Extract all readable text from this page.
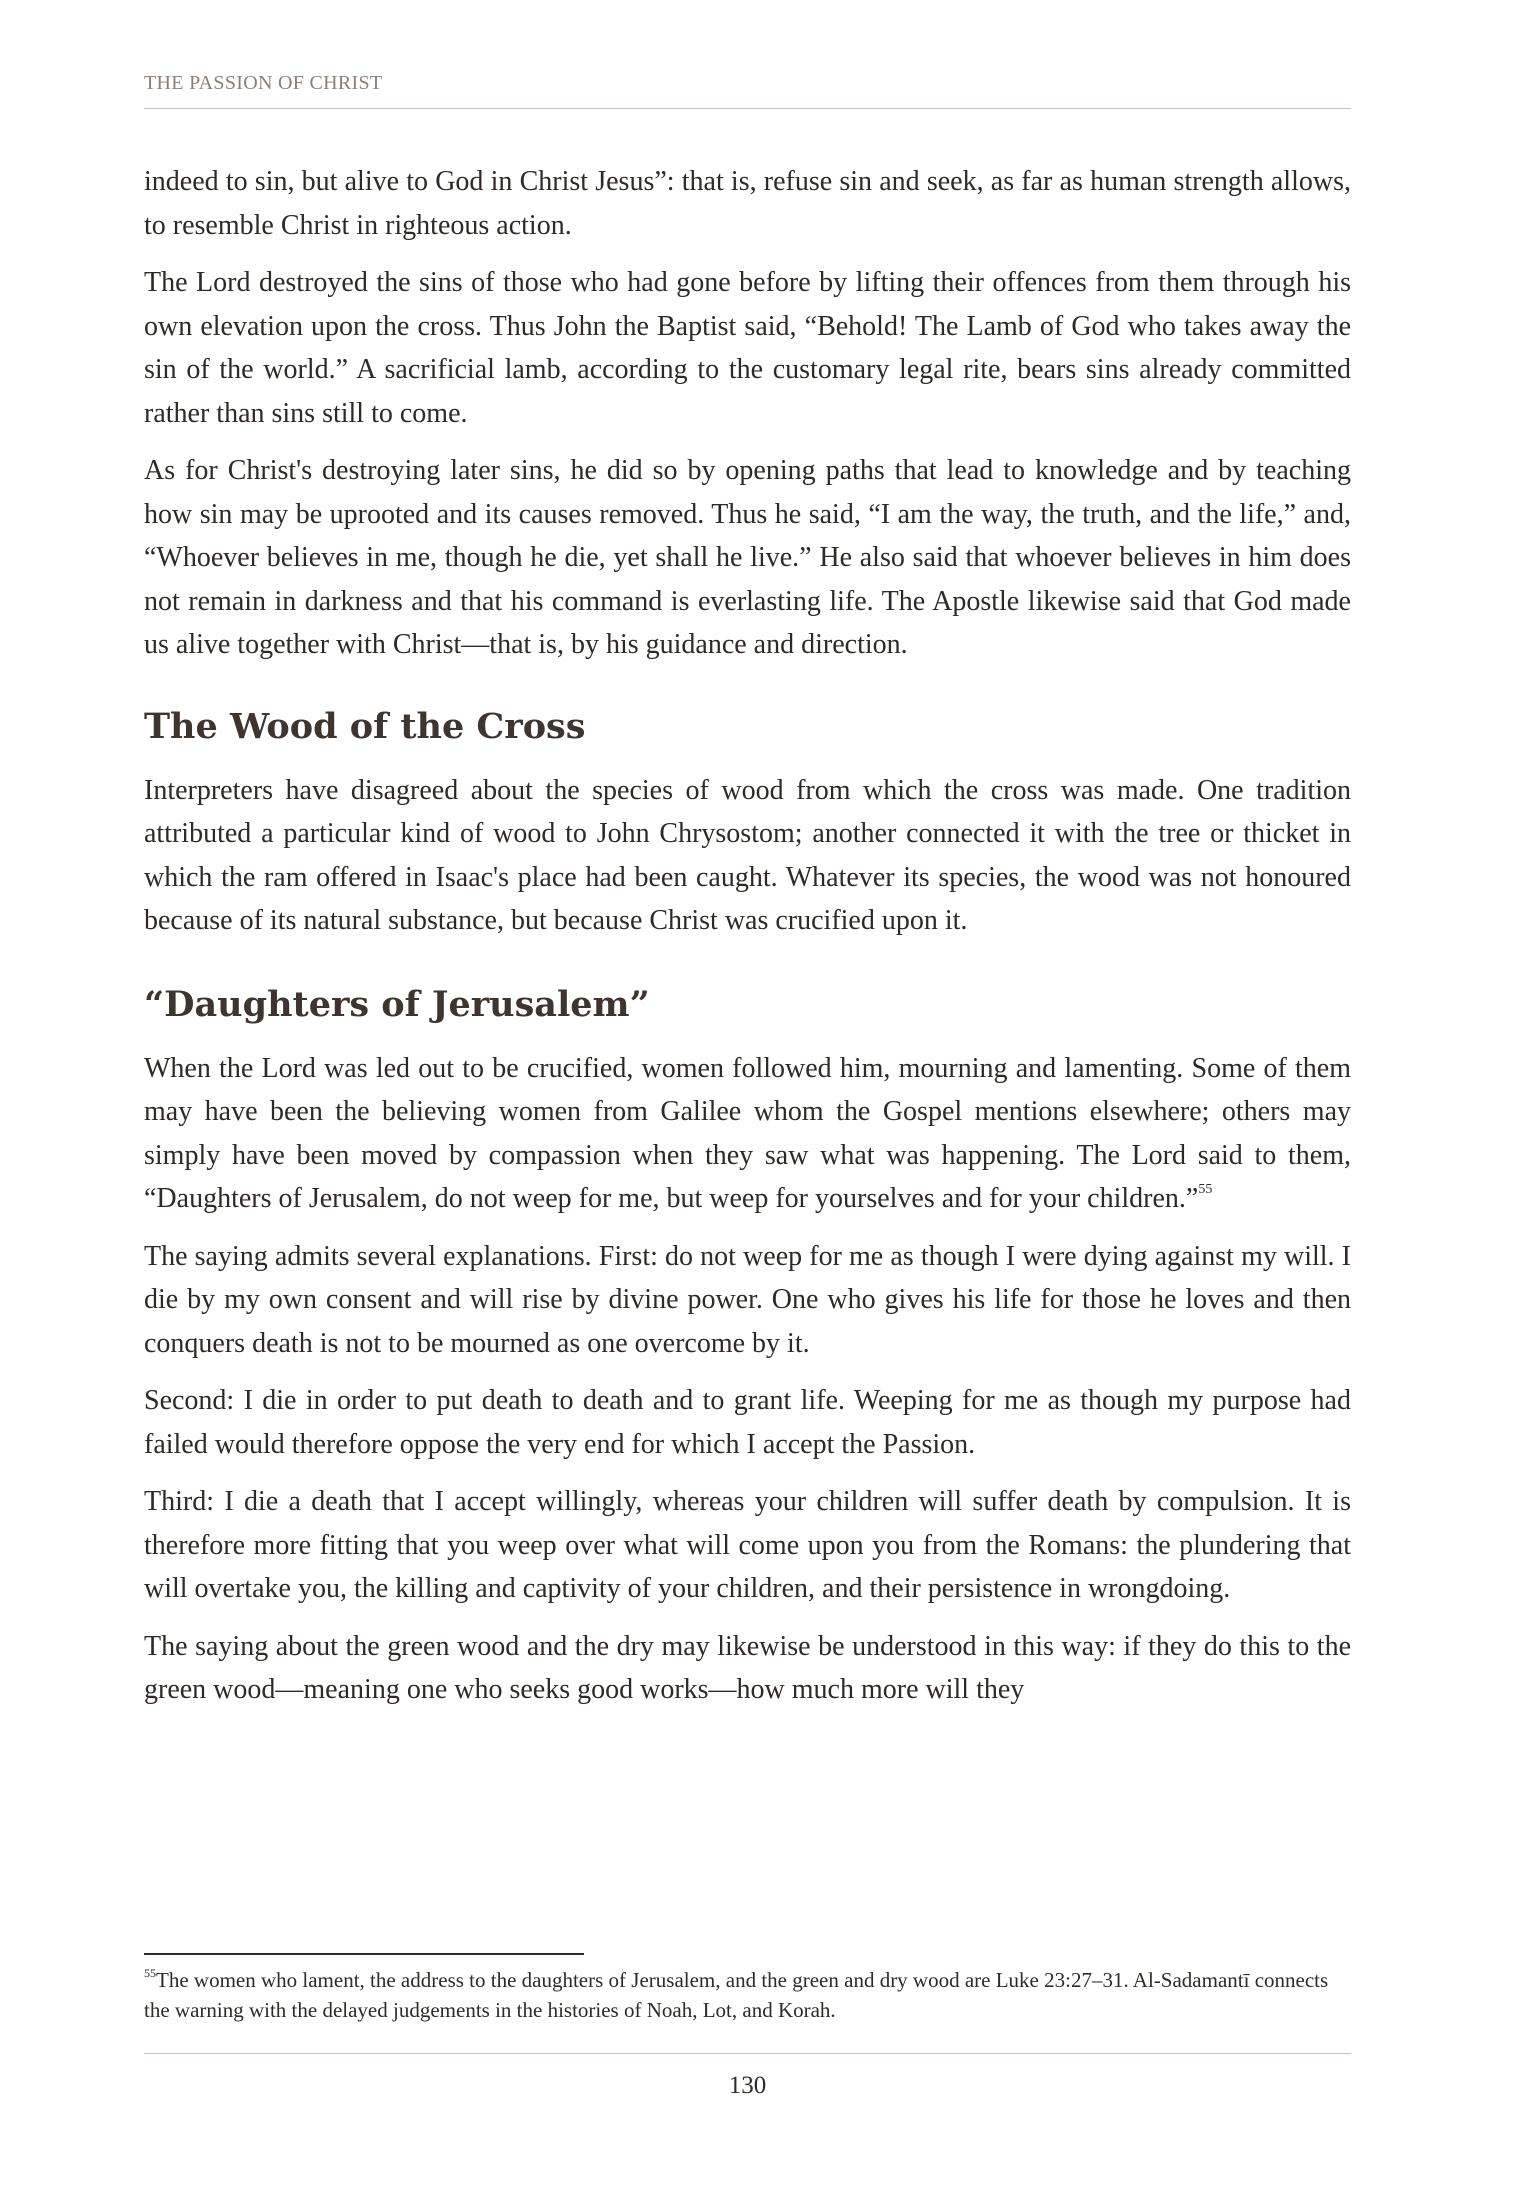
THE PASSION OF CHRIST

indeed to sin, but alive to God in Christ Jesus”: that is, refuse sin and seek, as far as human strength allows, to resemble Christ in righteous action.

The Lord destroyed the sins of those who had gone before by lifting their offences from them through his own elevation upon the cross. Thus John the Baptist said, “Behold! The Lamb of God who takes away the sin of the world.” A sacrificial lamb, according to the customary legal rite, bears sins already committed rather than sins still to come.

As for Christ's destroying later sins, he did so by opening paths that lead to knowledge and by teaching how sin may be uprooted and its causes removed. Thus he said, “I am the way, the truth, and the life,” and, “Whoever believes in me, though he die, yet shall he live.” He also said that whoever believes in him does not remain in darkness and that his command is everlasting life. The Apostle likewise said that God made us alive together with Christ—that is, by his guidance and direction.

The Wood of the Cross

Interpreters have disagreed about the species of wood from which the cross was made. One tradition attributed a particular kind of wood to John Chrysostom; another connected it with the tree or thicket in which the ram offered in Isaac's place had been caught. Whatever its species, the wood was not honoured because of its natural substance, but because Christ was crucified upon it.

“Daughters of Jerusalem”

When the Lord was led out to be crucified, women followed him, mourning and lamenting. Some of them may have been the believing women from Galilee whom the Gospel mentions elsewhere; others may simply have been moved by compassion when they saw what was happening. The Lord said to them, “Daughters of Jerusalem, do not weep for me, but weep for yourselves and for your children.”$^{55}$

The saying admits several explanations. First: do not weep for me as though I were dying against my will. I die by my own consent and will rise by divine power. One who gives his life for those he loves and then conquers death is not to be mourned as one overcome by it.

Second: I die in order to put death to death and to grant life. Weeping for me as though my purpose had failed would therefore oppose the very end for which I accept the Passion.

Third: I die a death that I accept willingly, whereas your children will suffer death by compulsion. It is therefore more fitting that you weep over what will come upon you from the Romans: the plundering that will overtake you, the killing and captivity of your children, and their persistence in wrongdoing.

The saying about the green wood and the dry may likewise be understood in this way: if they do this to the green wood—meaning one who seeks good works—how much more will they

$^{55}$The women who lament, the address to the daughters of Jerusalem, and the green and dry wood are Luke 23:27–31. Al-Sadamantī connects the warning with the delayed judgements in the histories of Noah, Lot, and Korah.
130
